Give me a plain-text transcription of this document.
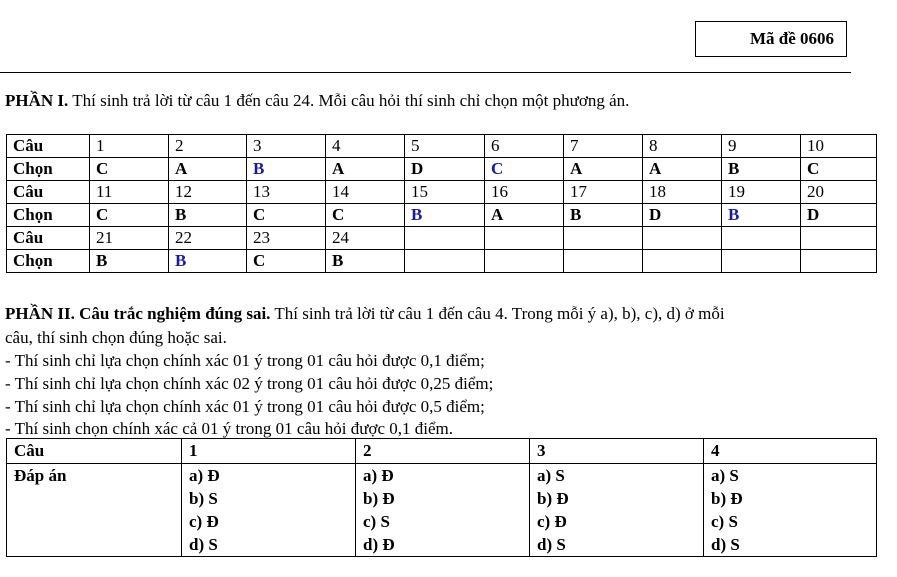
Mã đề 0606
PHẦN I. Thí sinh trả lời từ câu 1 đến câu 24. Mỗi câu hỏi thí sinh chỉ chọn một phương án.
Câu	1	2	3	4	5	6	7	8	9	10
Chọn	C	A	B	A	D	C	A	A	B	C
Câu	11	12	13	14	15	16	17	18	19	20
Chọn	C	B	C	C	B	A	B	D	B	D
Câu	21	22	23	24						
Chọn	B	B	C	B						
PHẦN II. Câu trắc nghiệm đúng sai. Thí sinh trả lời từ câu 1 đến câu 4. Trong mỗi ý a), b), c), d) ở mỗi
câu, thí sinh chọn đúng hoặc sai.
- Thí sinh chỉ lựa chọn chính xác 01 ý trong 01 câu hỏi được 0,1 điểm;
- Thí sinh chỉ lựa chọn chính xác 02 ý trong 01 câu hỏi được 0,25 điểm;
- Thí sinh chỉ lựa chọn chính xác 01 ý trong 01 câu hỏi được 0,5 điểm;
- Thí sinh chọn chính xác cả 01 ý trong 01 câu hỏi được 0,1 điểm.
Câu	1	2	3	4
Đáp án	a) Đ
b) S
c) Đ
d) S	a) Đ
b) Đ
c) S
d) Đ	a) S
b) Đ
c) Đ
d) S	a) S
b) Đ
c) S
d) S
